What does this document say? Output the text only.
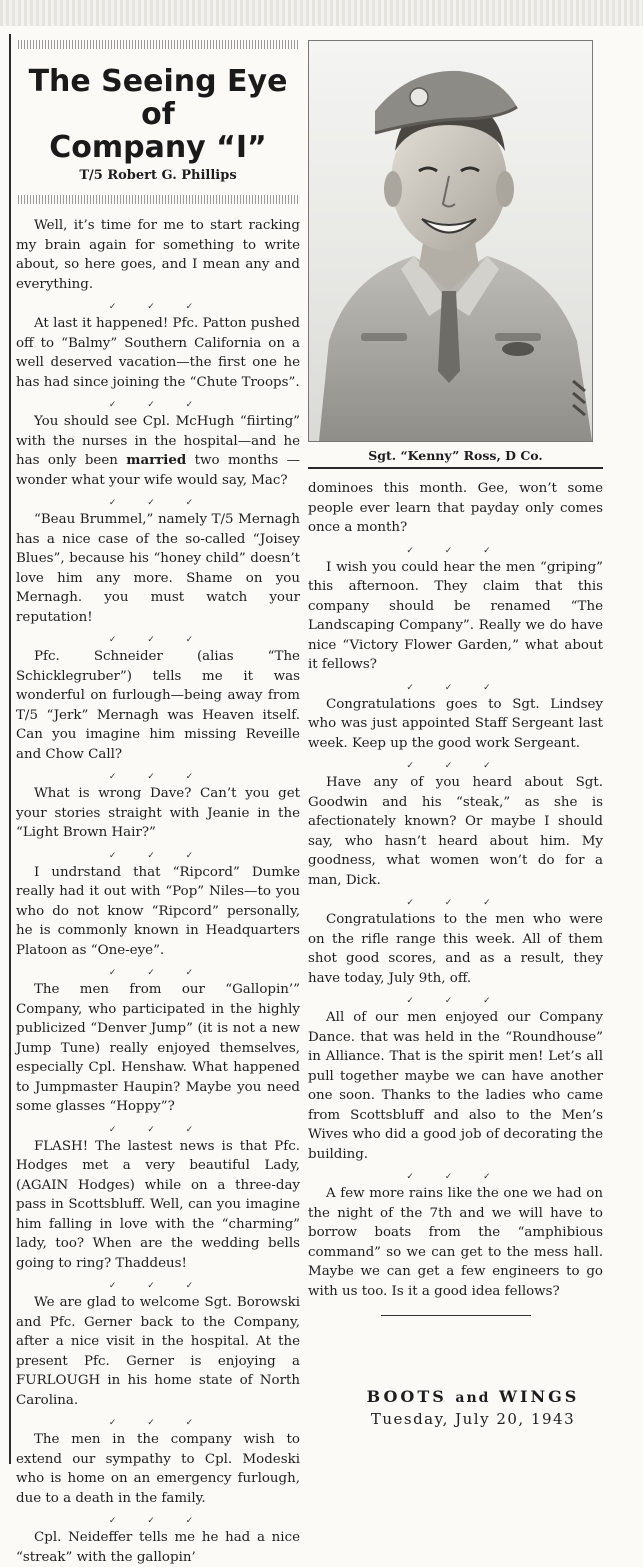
The Seeing Eye of
Company “I”
T/5 Robert G. Phillips

Well, it’s time for me to start racking my brain again for something to write about, so here goes, and I mean any and everything.

✓ ✓ ✓

At last it happened! Pfc. Patton pushed off to “Balmy” Southern California on a well deserved vacation—the first one he has had since joining the “Chute Troops”.

✓ ✓ ✓

You should see Cpl. McHugh “fiirting” with the nurses in the hospital—and he has only been married two months — wonder what your wife would say, Mac?

✓ ✓ ✓

“Beau Brummel,” namely T/5 Mernagh has a nice case of the so-called “Joisey Blues”, because his “honey child” doesn’t love him any more. Shame on you Mernagh. you must watch your reputation!

✓ ✓ ✓

Pfc. Schneider (alias “The Schicklegruber”) tells me it was wonderful on furlough—being away from T/5 “Jerk” Mernagh was Heaven itself. Can you imagine him missing Reveille and Chow Call?

✓ ✓ ✓

What is wrong Dave? Can’t you get your stories straight with Jeanie in the “Light Brown Hair?”

✓ ✓ ✓

I undrstand that “Ripcord” Dumke really had it out with “Pop” Niles—to you who do not know “Ripcord” personally, he is commonly known in Headquarters Platoon as “One-eye”.

✓ ✓ ✓

The men from our “Gallopin’” Company, who participated in the highly publicized “Denver Jump” (it is not a new Jump Tune) really enjoyed themselves, especially Cpl. Henshaw. What happened to Jumpmaster Haupin? Maybe you need some glasses “Hoppy”?

✓ ✓ ✓

FLASH! The lastest news is that Pfc. Hodges met a very beautiful Lady, (AGAIN Hodges) while on a three-day pass in Scottsbluff. Well, can you imagine him falling in love with the “charming” lady, too? When are the wedding bells going to ring? Thaddeus!

✓ ✓ ✓

We are glad to welcome Sgt. Borowski and Pfc. Gerner back to the Company, after a nice visit in the hospital. At the present Pfc. Gerner is enjoying a FURLOUGH in his home state of North Carolina.

✓ ✓ ✓

The men in the company wish to extend our sympathy to Cpl. Modeski who is home on an emergency furlough, due to a death in the family.

✓ ✓ ✓

Cpl. Neideffer tells me he had a nice “streak” with the gallopin’

Sgt. “Kenny” Ross, D Co.

dominoes this month. Gee, won’t some people ever learn that payday only comes once a month?

✓ ✓ ✓

I wish you could hear the men “griping” this afternoon. They claim that this company should be renamed “The Landscaping Company”. Really we do have nice “Victory Flower Garden,” what about it fellows?

✓ ✓ ✓

Congratulations goes to Sgt. Lindsey who was just appointed Staff Sergeant last week. Keep up the good work Sergeant.

✓ ✓ ✓

Have any of you heard about Sgt. Goodwin and his “steak,” as she is afectionately known? Or maybe I should say, who hasn’t heard about him. My goodness, what women won’t do for a man, Dick.

✓ ✓ ✓

Congratulations to the men who were on the rifle range this week. All of them shot good scores, and as a result, they have today, July 9th, off.

✓ ✓ ✓

All of our men enjoyed our Company Dance. that was held in the “Roundhouse” in Alliance. That is the spirit men! Let’s all pull together maybe we can have another one soon. Thanks to the ladies who came from Scottsbluff and also to the Men’s Wives who did a good job of decorating the building.

✓ ✓ ✓

A few more rains like the one we had on the night of the 7th and we will have to borrow boats from the “amphibious command” so we can get to the mess hall. Maybe we can get a few engineers to go with us too. Is it a good idea fellows?

BOOTS and WINGS
Tuesday, July 20, 1943
